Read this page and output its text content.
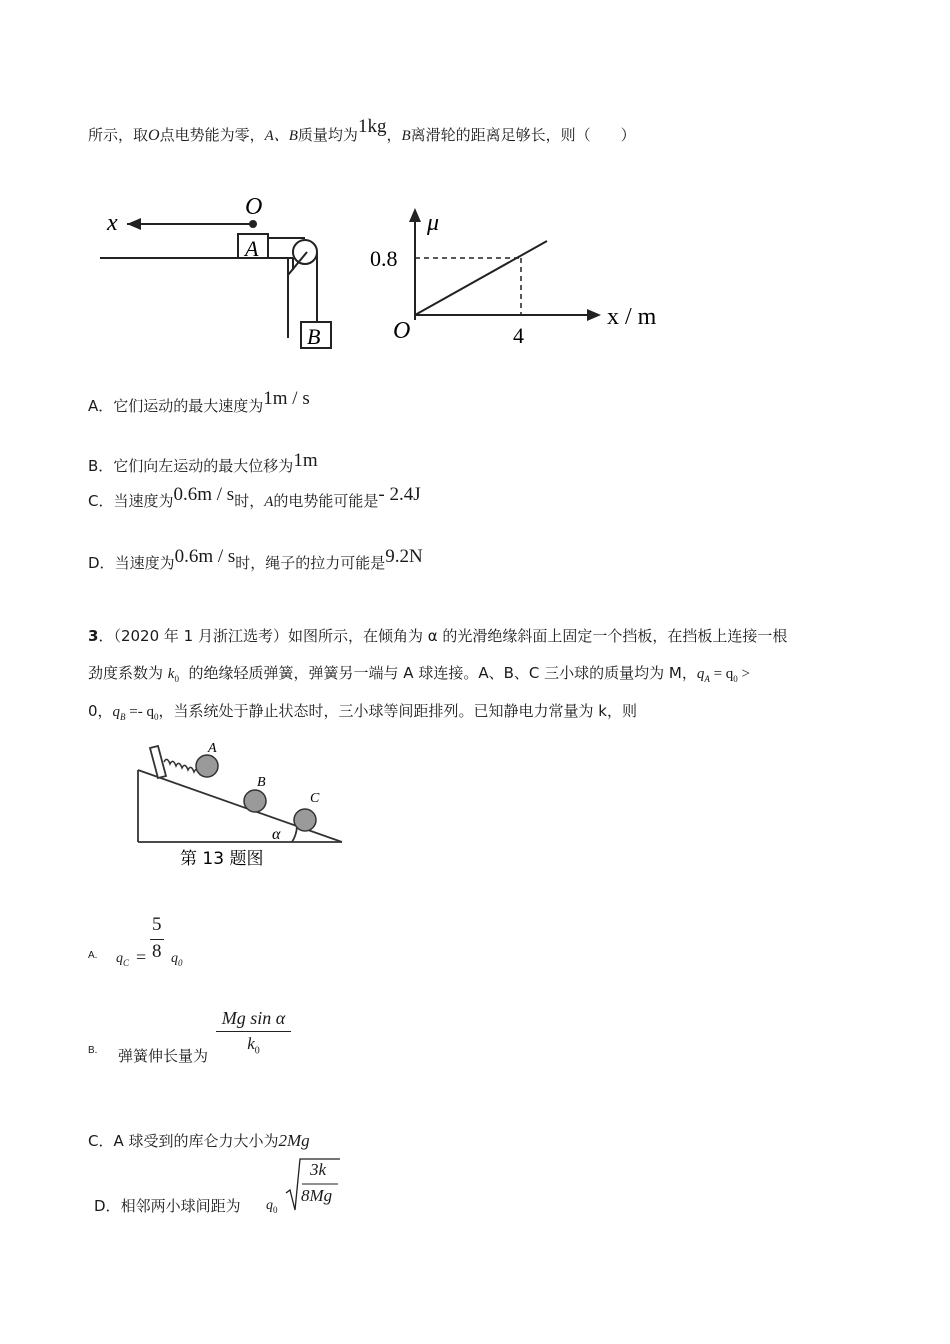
所示，取O点电势能为零，A、B质量均为1kg，B离滑轮的距离足够长，则（　　）
x
O
A
B
μ
0.8
O	4
x / m
A．它们运动的最大速度为1m / s
B．它们向左运动的最大位移为1m
C．当速度为0.6m / s时，A的电势能可能是- 2.4J
D．当速度为0.6m / s时，绳子的拉力可能是9.2N
3．（2020 年 1 月浙江选考）如图所示，在倾角为 α 的光滑绝缘斜面上固定一个挡板，在挡板上连接一根
劲度系数为 $k_0$ 的绝缘轻质弹簧，弹簧另一端与 A 球连接。A、B、C 三小球的质量均为 M，$q_A = q_0$ >
0，$q_B =- q_0$，当系统处于静止状态时，三小球等间距排列。已知静电力常量为 k，则
A
B
C
α
第 13 题图
A. $q_C$ =
5
8 $q_0$
B. 弹簧伸长量为
Mg sin α
$k_0$
C．A 球受到的库仑力大小为2Mg
D．相邻两小球间距为 $q_0$
3k
8Mg
